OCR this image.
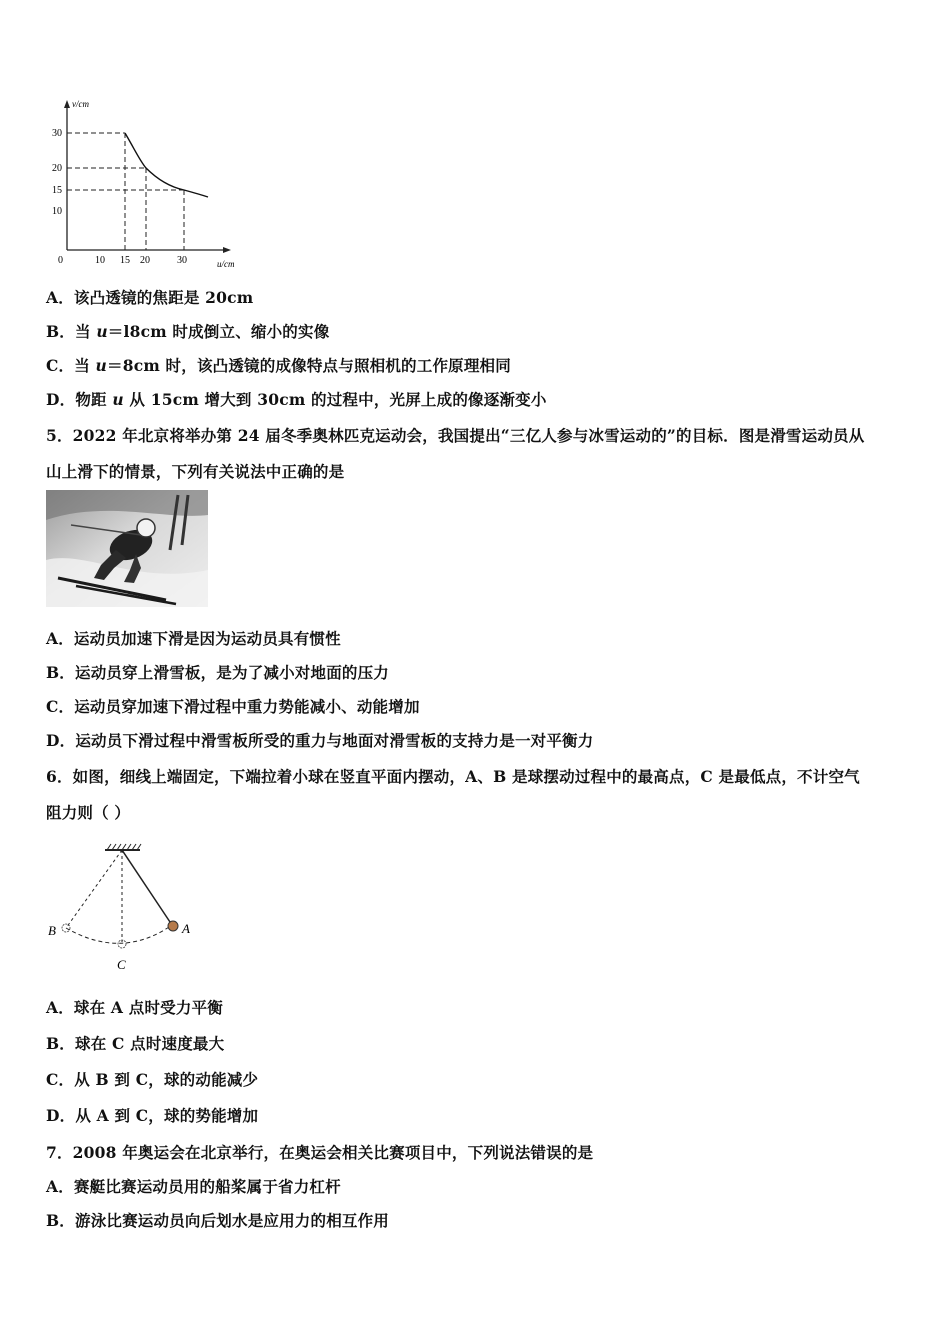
v/cm
30
20
15
10
0	10 15 20	30	u/cm
A．该凸透镜的焦距是 20cm
B．当 u＝l8cm 时成倒立、缩小的实像
C．当 u＝8cm 时，该凸透镜的成像特点与照相机的工作原理相同
D．物距 u 从 15cm 增大到 30cm 的过程中，光屏上成的像逐渐变小
5．2022 年北京将举办第 24 届冬季奥林匹克运动会，我国提出“三亿人参与冰雪运动的”的目标．图是滑雪运动员从
山上滑下的情景，下列有关说法中正确的是
A．运动员加速下滑是因为运动员具有惯性
B．运动员穿上滑雪板，是为了减小对地面的压力
C．运动员穿加速下滑过程中重力势能减小、动能增加
D．运动员下滑过程中滑雪板所受的重力与地面对滑雪板的支持力是一对平衡力
6．如图，细线上端固定，下端拉着小球在竖直平面内摆动，A、B 是球摆动过程中的最高点，C 是最低点，不计空气
阻力则（ ）
A
B
C
A．球在 A 点时受力平衡
B．球在 C 点时速度最大
C．从 B 到 C，球的动能减少
D．从 A 到 C，球的势能增加
7．2008 年奥运会在北京举行，在奥运会相关比赛项目中，下列说法错误的是
A．赛艇比赛运动员用的船桨属于省力杠杆
B．游泳比赛运动员向后划水是应用力的相互作用
